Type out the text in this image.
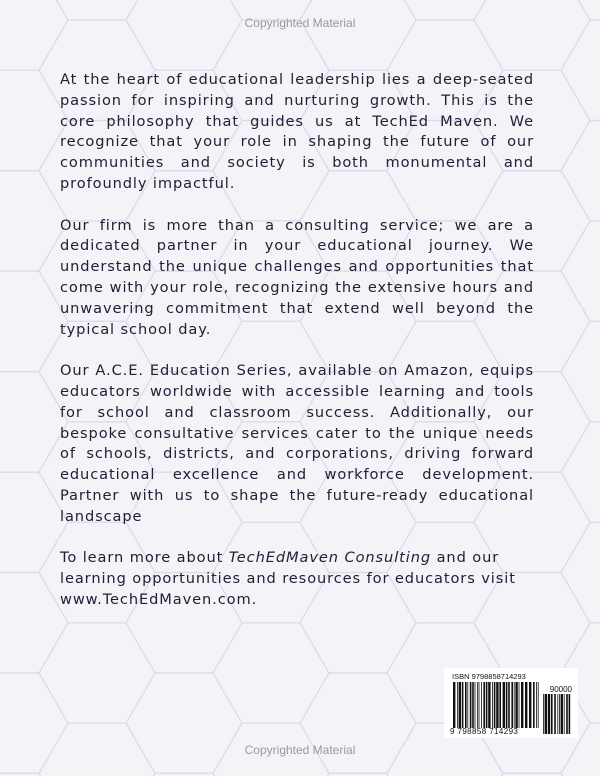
Copyrighted Material

At the heart of educational leadership lies a deep-seated passion for inspiring and nurturing growth. This is the core philosophy that guides us at TechEd Maven. We recognize that your role in shaping the future of our communities and society is both monumental and profoundly impactful.

Our firm is more than a consulting service; we are a dedicated partner in your educational journey. We understand the unique challenges and opportunities that come with your role, recognizing the extensive hours and unwavering commitment that extend well beyond the typical school day.

Our A.C.E. Education Series, available on Amazon, equips educators worldwide with accessible learning and tools for school and classroom success. Additionally, our bespoke consultative services cater to the unique needs of schools, districts, and corporations, driving forward educational excellence and workforce development. Partner with us to shape the future-ready educational landscape

To learn more about TechEdMaven Consulting and our learning opportunities and resources for educators visit www.TechEdMaven.com.

ISBN 9798858714293
90000
9 798858 714293
Copyrighted Material
